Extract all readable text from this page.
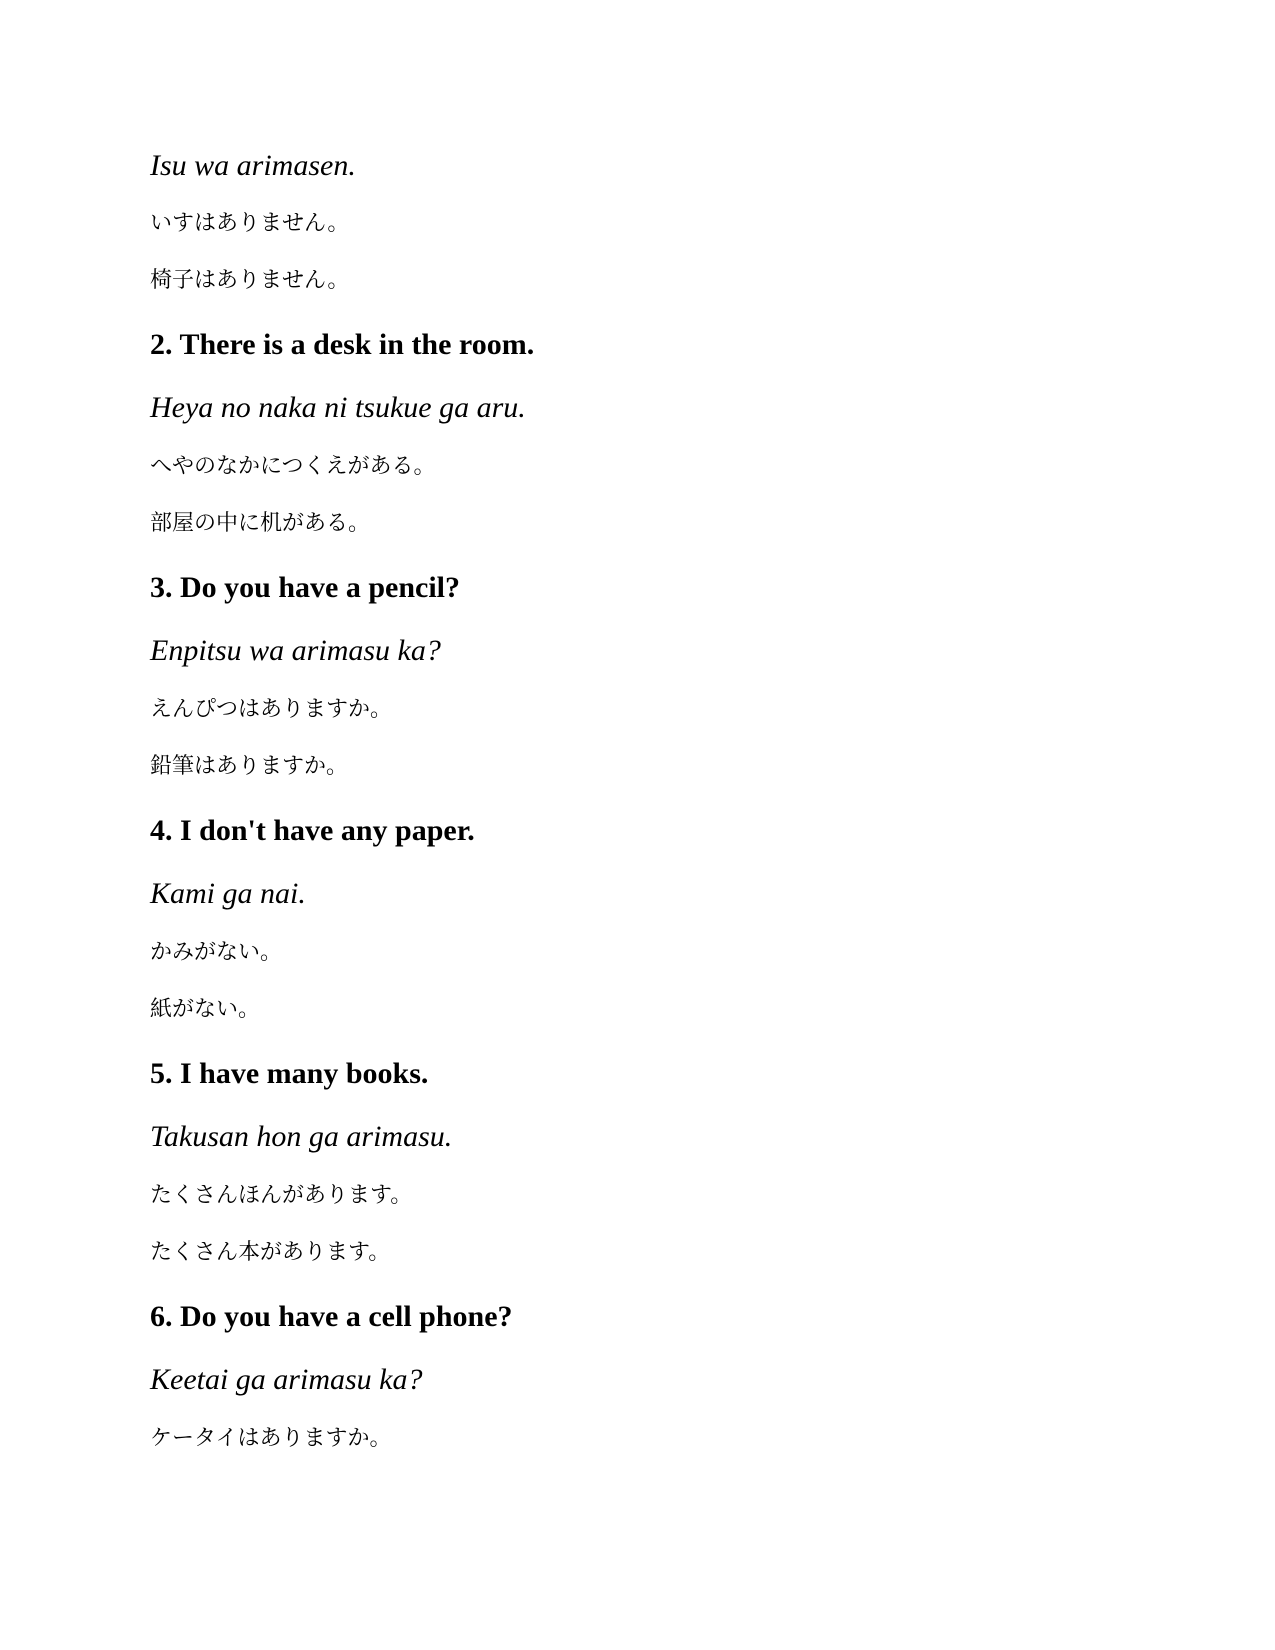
Isu wa arimasen.

いすはありません。

椅子はありません。

2. There is a desk in the room.

Heya no naka ni tsukue ga aru.

へやのなかにつくえがある。

部屋の中に机がある。

3. Do you have a pencil?

Enpitsu wa arimasu ka?

えんぴつはありますか。

鉛筆はありますか。

4. I don't have any paper.

Kami ga nai.

かみがない。

紙がない。

5. I have many books.

Takusan hon ga arimasu.

たくさんほんがあります。

たくさん本があります。

6. Do you have a cell phone?

Keetai ga arimasu ka?

ケータイはありますか。
